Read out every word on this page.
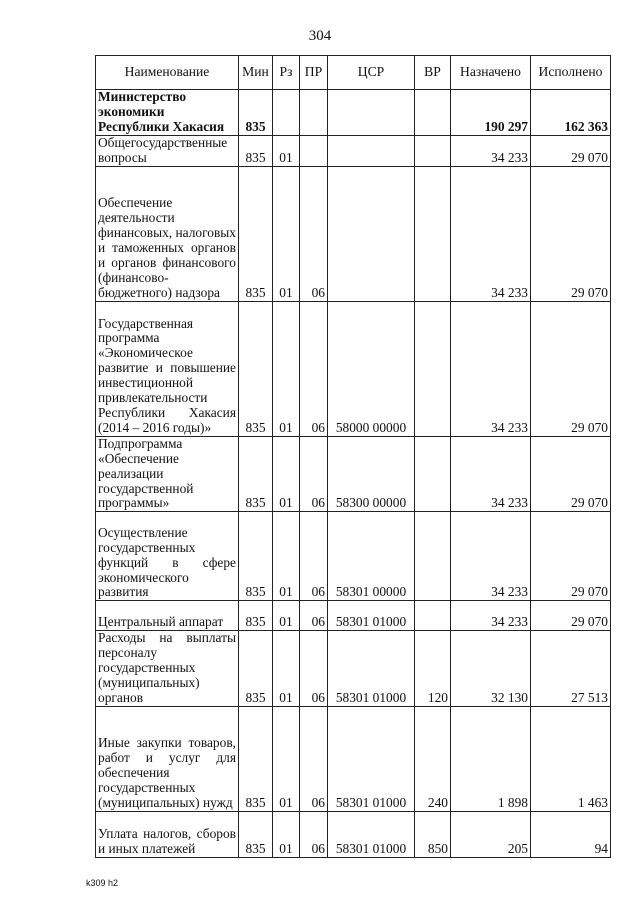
304
Наименование	Мин	Рз	ПР	ЦСР	ВР	Назначено	Исполнено
Министерство экономики Республики Хакасия	835					190 297	162 363
Общегосударственные вопросы	835	01				34 233	29 070
Обеспечение деятельности финансовых, налоговых и таможенных органов и органов финансового (финансово-бюджетного) надзора	835	01	06			34 233	29 070
Государственная программа «Экономическое развитие и повышение инвестиционной привлекательности Республики Хакасия (2014 – 2016 годы)»	835	01	06	58000 00000		34 233	29 070
Подпрограмма «Обеспечение реализации государственной программы»	835	01	06	58300 00000		34 233	29 070
Осуществление государственных функций в сфере экономического развития	835	01	06	58301 00000		34 233	29 070
Центральный аппарат	835	01	06	58301 01000		34 233	29 070
Расходы на выплаты персоналу государственных (муниципальных) органов	835	01	06	58301 01000	120	32 130	27 513
Иные закупки товаров, работ и услуг для обеспечения государственных (муниципальных) нужд	835	01	06	58301 01000	240	1 898	1 463
Уплата налогов, сборов и иных платежей	835	01	06	58301 01000	850	205	94
k309 h2
